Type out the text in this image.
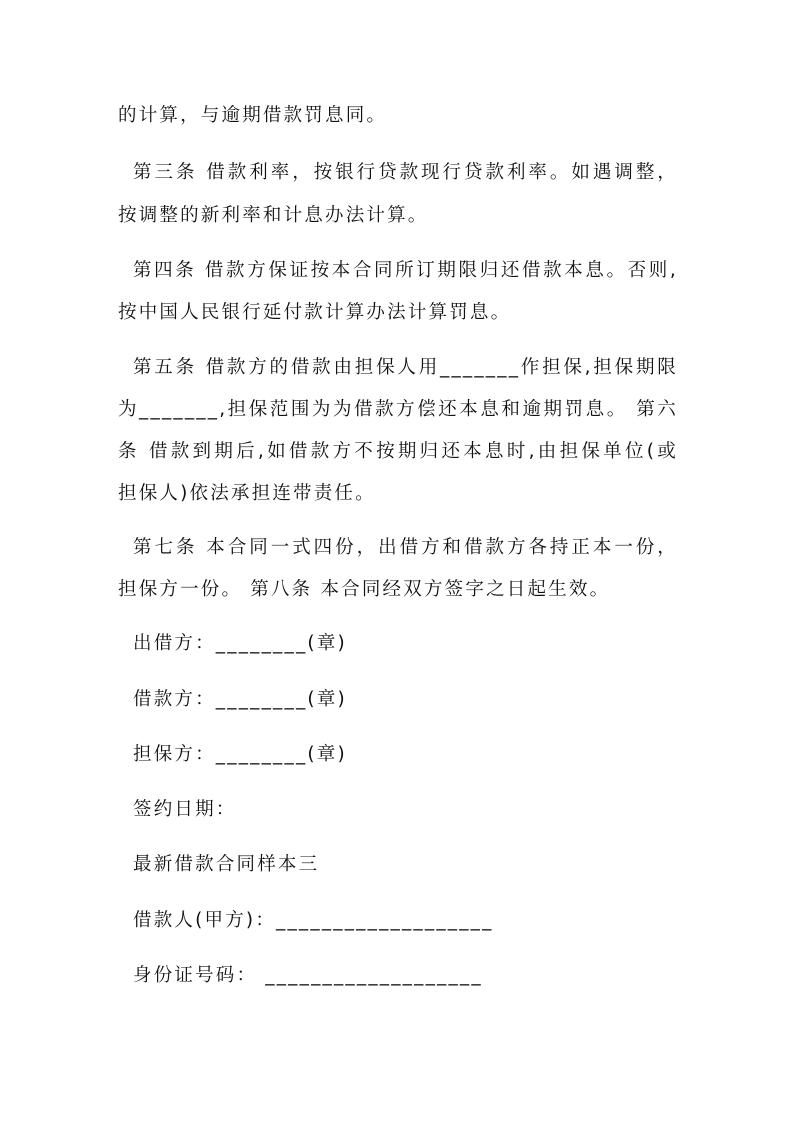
的计算，与逾期借款罚息同。
第三条 借款利率，按银行贷款现行贷款利率。如遇调整，
按调整的新利率和计息办法计算。
第四条 借款方保证按本合同所订期限归还借款本息。否则,
按中国人民银行延付款计算办法计算罚息。
第五条 借款方的借款由担保人用_______作担保,担保期限
为_______,担保范围为为借款方偿还本息和逾期罚息。 第六
条 借款到期后,如借款方不按期归还本息时,由担保单位(或
担保人)依法承担连带责任。
第七条 本合同一式四份，出借方和借款方各持正本一份，
担保方一份。 第八条 本合同经双方签字之日起生效。
出借方：________(章)
借款方：________(章)
担保方：________(章)
签约日期：
最新借款合同样本三
借款人(甲方)：___________________
身份证号码： ___________________
